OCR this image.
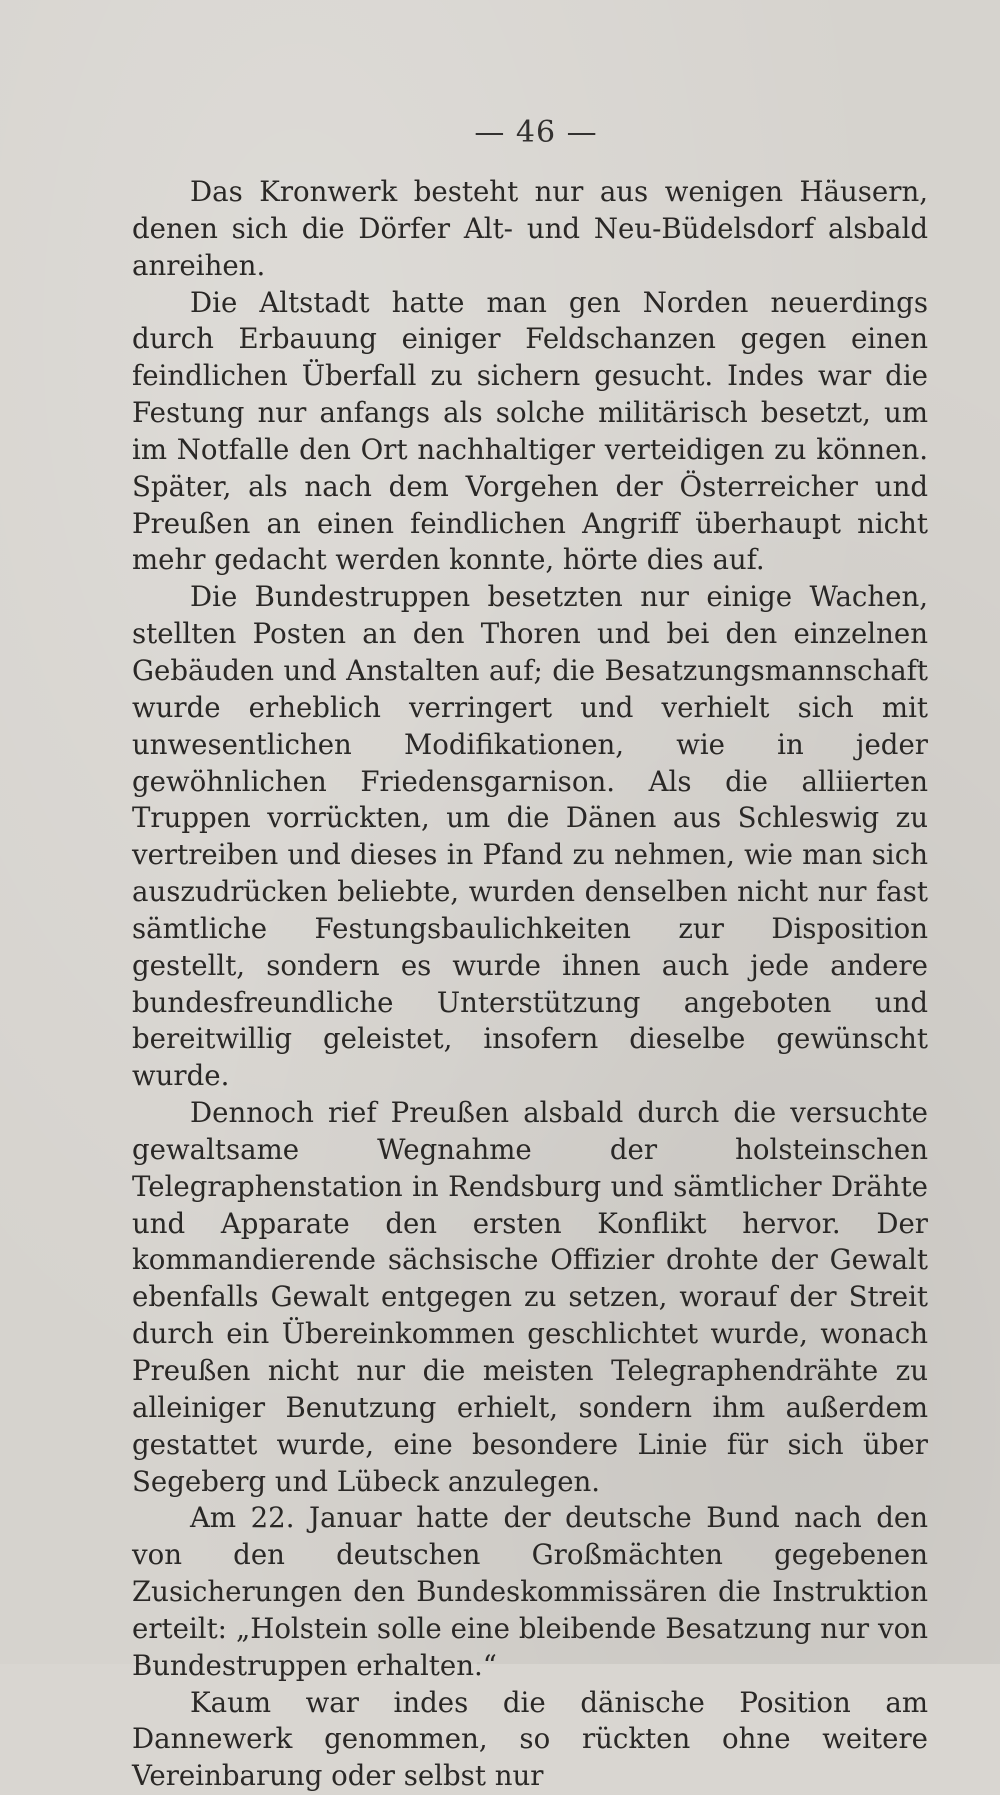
— 46 —

Das Kronwerk besteht nur aus wenigen Häusern, denen sich die Dörfer Alt- und Neu-Büdelsdorf alsbald anreihen.

Die Altstadt hatte man gen Norden neuerdings durch Erbauung einiger Feldschanzen gegen einen feindlichen Überfall zu sichern gesucht. Indes war die Festung nur anfangs als solche militärisch besetzt, um im Notfalle den Ort nachhaltiger verteidigen zu können. Später, als nach dem Vorgehen der Österreicher und Preußen an einen feindlichen Angriff überhaupt nicht mehr gedacht werden konnte, hörte dies auf.

Die Bundestruppen besetzten nur einige Wachen, stellten Posten an den Thoren und bei den einzelnen Gebäuden und Anstalten auf; die Besatzungsmannschaft wurde erheblich verringert und verhielt sich mit unwesentlichen Modifikationen, wie in jeder gewöhnlichen Friedensgarnison. Als die alliierten Truppen vorrückten, um die Dänen aus Schleswig zu vertreiben und dieses in Pfand zu nehmen, wie man sich auszudrücken beliebte, wurden denselben nicht nur fast sämtliche Festungsbaulichkeiten zur Disposition gestellt, sondern es wurde ihnen auch jede andere bundesfreundliche Unterstützung angeboten und bereitwillig geleistet, insofern dieselbe gewünscht wurde.

Dennoch rief Preußen alsbald durch die versuchte gewaltsame Wegnahme der holsteinschen Telegraphenstation in Rendsburg und sämtlicher Drähte und Apparate den ersten Konflikt hervor. Der kommandierende sächsische Offizier drohte der Gewalt ebenfalls Gewalt entgegen zu setzen, worauf der Streit durch ein Übereinkommen geschlichtet wurde, wonach Preußen nicht nur die meisten Telegraphendrähte zu alleiniger Benutzung erhielt, sondern ihm außerdem gestattet wurde, eine besondere Linie für sich über Segeberg und Lübeck anzulegen.

Am 22. Januar hatte der deutsche Bund nach den von den deutschen Großmächten gegebenen Zusicherungen den Bundeskommissären die Instruktion erteilt: „Holstein solle eine bleibende Besatzung nur von Bundestruppen erhalten.“

Kaum war indes die dänische Position am Dannewerk genommen, so rückten ohne weitere Vereinbarung oder selbst nur
